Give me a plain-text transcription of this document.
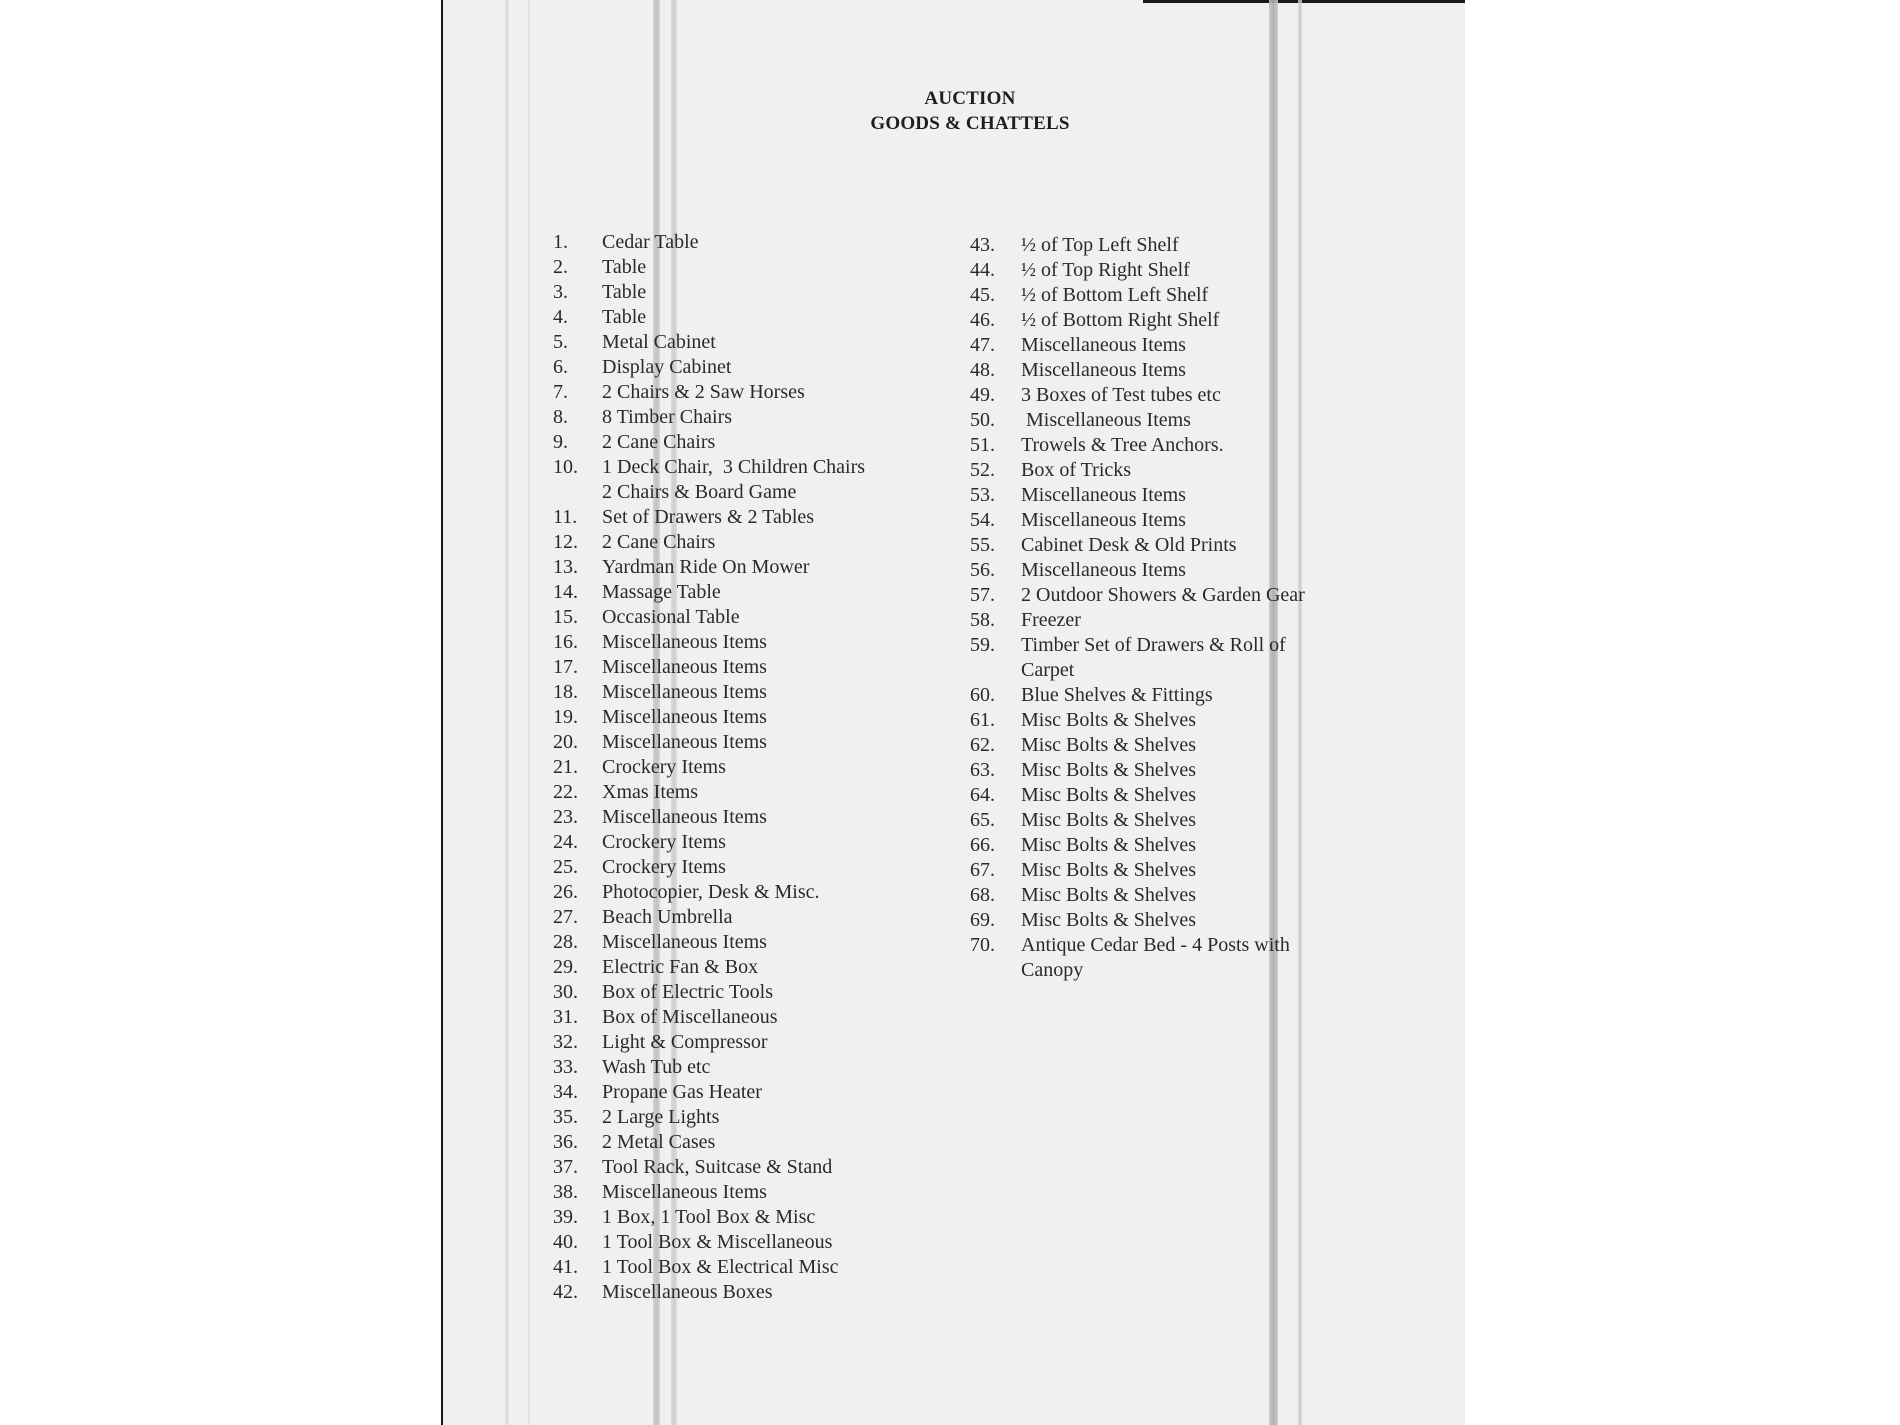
AUCTION
GOODS & CHATTELS
1. Cedar Table
2. Table
3. Table
4. Table
5. Metal Cabinet
6. Display Cabinet
7. 2 Chairs & 2 Saw Horses
8. 8 Timber Chairs
9. 2 Cane Chairs
10. 1 Deck Chair,  3 Children Chairs
2 Chairs & Board Game
11. Set of Drawers & 2 Tables
12. 2 Cane Chairs
13. Yardman Ride On Mower
14. Massage Table
15. Occasional Table
16. Miscellaneous Items
17. Miscellaneous Items
18. Miscellaneous Items
19. Miscellaneous Items
20. Miscellaneous Items
21. Crockery Items
22. Xmas Items
23. Miscellaneous Items
24. Crockery Items
25. Crockery Items
26. Photocopier, Desk & Misc.
27. Beach Umbrella
28. Miscellaneous Items
29. Electric Fan & Box
30. Box of Electric Tools
31. Box of Miscellaneous
32. Light & Compressor
33. Wash Tub etc
34. Propane Gas Heater
35. 2 Large Lights
36. 2 Metal Cases
37. Tool Rack, Suitcase & Stand
38. Miscellaneous Items
39. 1 Box, 1 Tool Box & Misc
40. 1 Tool Box & Miscellaneous
41. 1 Tool Box & Electrical Misc
42. Miscellaneous Boxes
43. ½ of Top Left Shelf
44. ½ of Top Right Shelf
45. ½ of Bottom Left Shelf
46. ½ of Bottom Right Shelf
47. Miscellaneous Items
48. Miscellaneous Items
49. 3 Boxes of Test tubes etc
50. Miscellaneous Items
51. Trowels & Tree Anchors.
52. Box of Tricks
53. Miscellaneous Items
54. Miscellaneous Items
55. Cabinet Desk & Old Prints
56. Miscellaneous Items
57. 2 Outdoor Showers & Garden Gear
58. Freezer
59. Timber Set of Drawers & Roll of
Carpet
60. Blue Shelves & Fittings
61. Misc Bolts & Shelves
62. Misc Bolts & Shelves
63. Misc Bolts & Shelves
64. Misc Bolts & Shelves
65. Misc Bolts & Shelves
66. Misc Bolts & Shelves
67. Misc Bolts & Shelves
68. Misc Bolts & Shelves
69. Misc Bolts & Shelves
70. Antique Cedar Bed - 4 Posts with
Canopy
